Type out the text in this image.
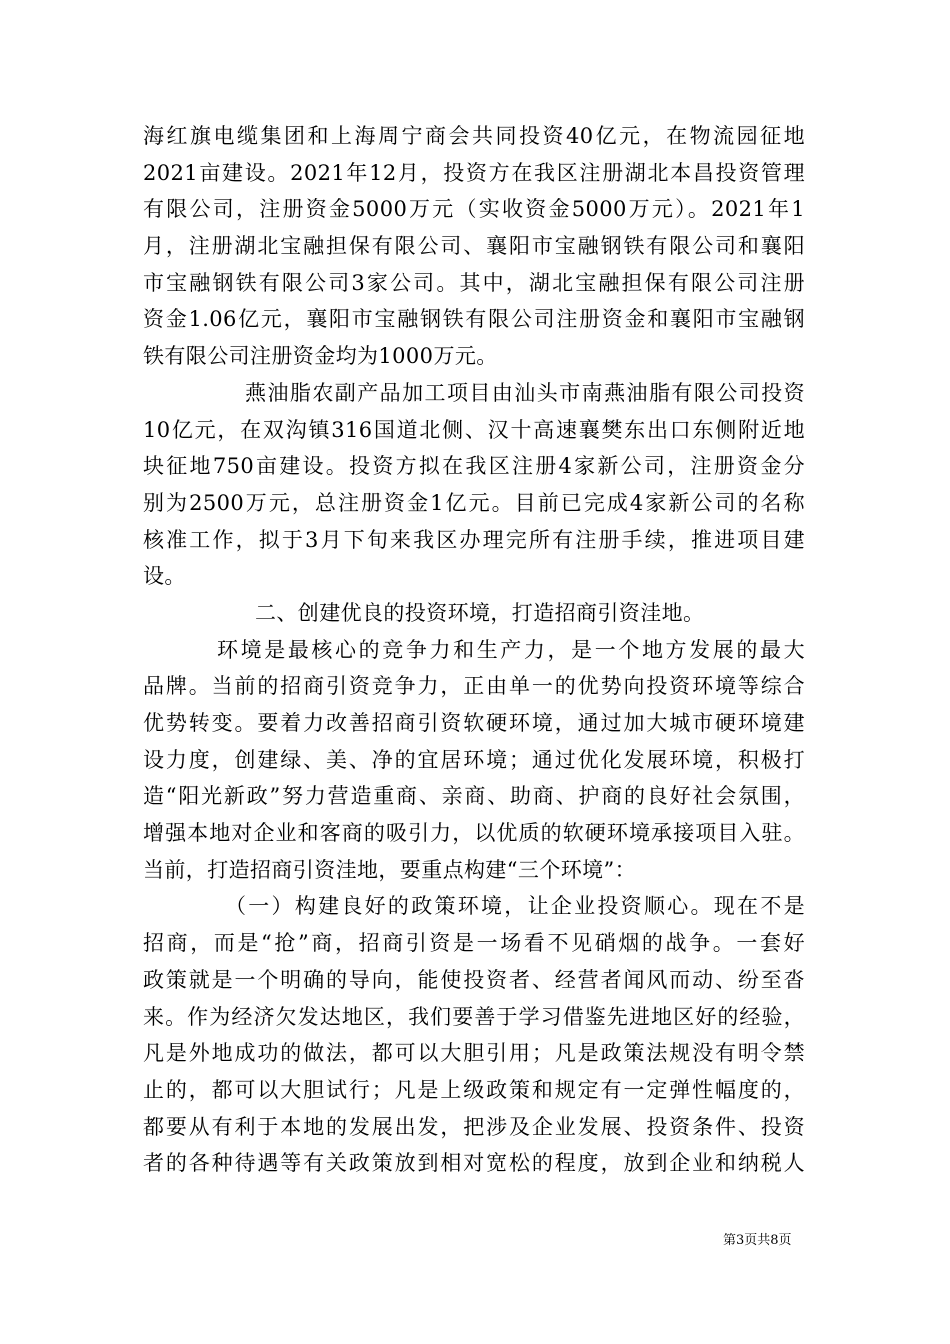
海红旗电缆集团和上海周宁商会共同投资40亿元，在物流园征地
2021亩建设。2021年12月，投资方在我区注册湖北本昌投资管理
有限公司，注册资金5000万元（实收资金5000万元）。2021年1
月，注册湖北宝融担保有限公司、襄阳市宝融钢铁有限公司和襄阳
市宝融钢铁有限公司3家公司。其中，湖北宝融担保有限公司注册
资金1.06亿元，襄阳市宝融钢铁有限公司注册资金和襄阳市宝融钢
铁有限公司注册资金均为1000万元。
燕油脂农副产品加工项目由汕头市南燕油脂有限公司投资
10亿元，在双沟镇316国道北侧、汉十高速襄樊东出口东侧附近地
块征地750亩建设。投资方拟在我区注册4家新公司，注册资金分
别为2500万元，总注册资金1亿元。目前已完成4家新公司的名称
核准工作，拟于3月下旬来我区办理完所有注册手续，推进项目建
设。
二、创建优良的投资环境，打造招商引资洼地。
环境是最核心的竞争力和生产力，是一个地方发展的最大
品牌。当前的招商引资竞争力，正由单一的优势向投资环境等综合
优势转变。要着力改善招商引资软硬环境，通过加大城市硬环境建
设力度，创建绿、美、净的宜居环境；通过优化发展环境，积极打
造“阳光新政”努力营造重商、亲商、助商、护商的良好社会氛围，
增强本地对企业和客商的吸引力，以优质的软硬环境承接项目入驻。
当前，打造招商引资洼地，要重点构建“三个环境”：
（一）构建良好的政策环境，让企业投资顺心。现在不是
招商，而是“抢”商，招商引资是一场看不见硝烟的战争。一套好
政策就是一个明确的导向，能使投资者、经营者闻风而动、纷至沓
来。作为经济欠发达地区，我们要善于学习借鉴先进地区好的经验，
凡是外地成功的做法，都可以大胆引用；凡是政策法规没有明令禁
止的，都可以大胆试行；凡是上级政策和规定有一定弹性幅度的，
都要从有利于本地的发展出发，把涉及企业发展、投资条件、投资
者的各种待遇等有关政策放到相对宽松的程度，放到企业和纳税人
第3页共8页
